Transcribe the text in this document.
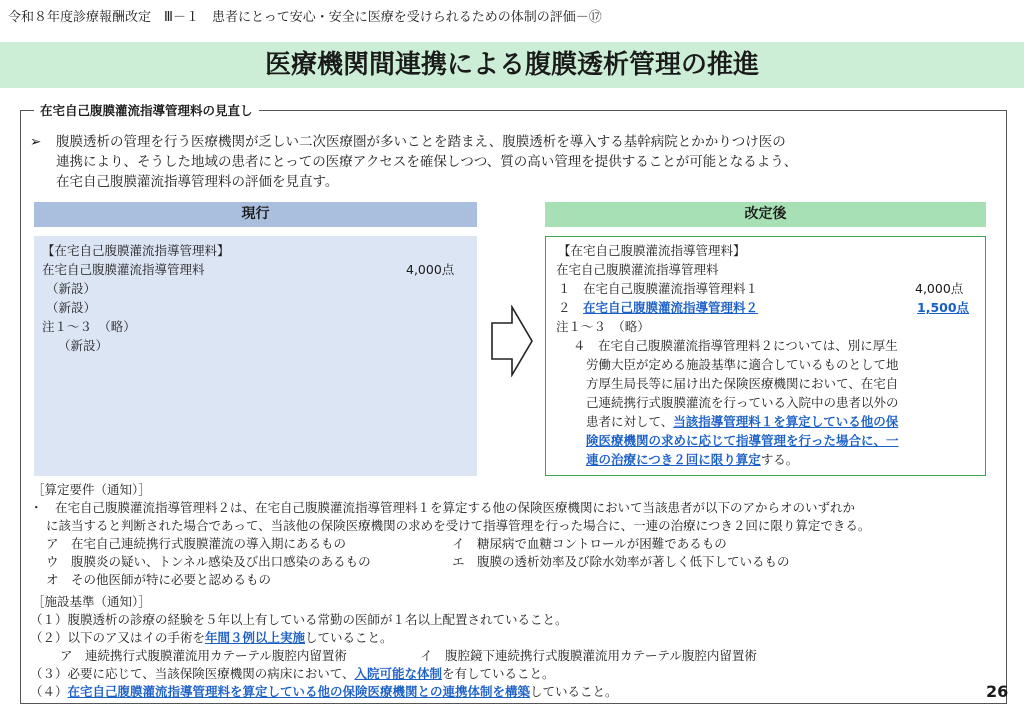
令和８年度診療報酬改定　Ⅲ－１　患者にとって安心・安全に医療を受けられるための体制の評価－⑰
医療機関間連携による腹膜透析管理の推進
在宅自己腹膜灌流指導管理料の見直し
➢ 腹膜透析の管理を行う医療機関が乏しい二次医療圏が多いことを踏まえ、腹膜透析を導入する基幹病院とかかりつけ医の
連携により、そうした地域の患者にとっての医療アクセスを確保しつつ、質の高い管理を提供することが可能となるよう、
在宅自己腹膜灌流指導管理料の評価を見直す。
現行	改定後
【在宅自己腹膜灌流指導管理料】
在宅自己腹膜灌流指導管理料	4,000点
（新設）
（新設）
注１～３　（略）
（新設）
【在宅自己腹膜灌流指導管理料】
在宅自己腹膜灌流指導管理料
１　在宅自己腹膜灌流指導管理料１	4,000点
２　在宅自己腹膜灌流指導管理料２	1,500点
注１～３　（略）
４　在宅自己腹膜灌流指導管理料２については、別に厚生
労働大臣が定める施設基準に適合しているものとして地
方厚生局長等に届け出た保険医療機関において、在宅自
己連続携行式腹膜灌流を行っている入院中の患者以外の
患者に対して、当該指導管理料１を算定している他の保
険医療機関の求めに応じて指導管理を行った場合に、一
連の治療につき２回に限り算定する。
［算定要件（通知）］
・　在宅自己腹膜灌流指導管理料２は、在宅自己腹膜灌流指導管理料１を算定する他の保険医療機関において当該患者が以下のアからオのいずれか
に該当すると判断された場合であって、当該他の保険医療機関の求めを受けて指導管理を行った場合に、一連の治療につき２回に限り算定できる。
ア　在宅自己連続携行式腹膜灌流の導入期にあるもの	イ　糖尿病で血糖コントロールが困難であるもの
ウ　腹膜炎の疑い、トンネル感染及び出口感染のあるもの	エ　腹膜の透析効率及び除水効率が著しく低下しているもの
オ　その他医師が特に必要と認めるもの
［施設基準（通知）］
（１）腹膜透析の診療の経験を５年以上有している常勤の医師が１名以上配置されていること。
（２）以下のア又はイの手術を年間３例以上実施していること。
ア　連続携行式腹膜灌流用カテーテル腹腔内留置術	イ　腹腔鏡下連続携行式腹膜灌流用カテーテル腹腔内留置術
（３）必要に応じて、当該保険医療機関の病床において、入院可能な体制を有していること。
（４）在宅自己腹膜灌流指導管理料を算定している他の保険医療機関との連携体制を構築していること。	26
